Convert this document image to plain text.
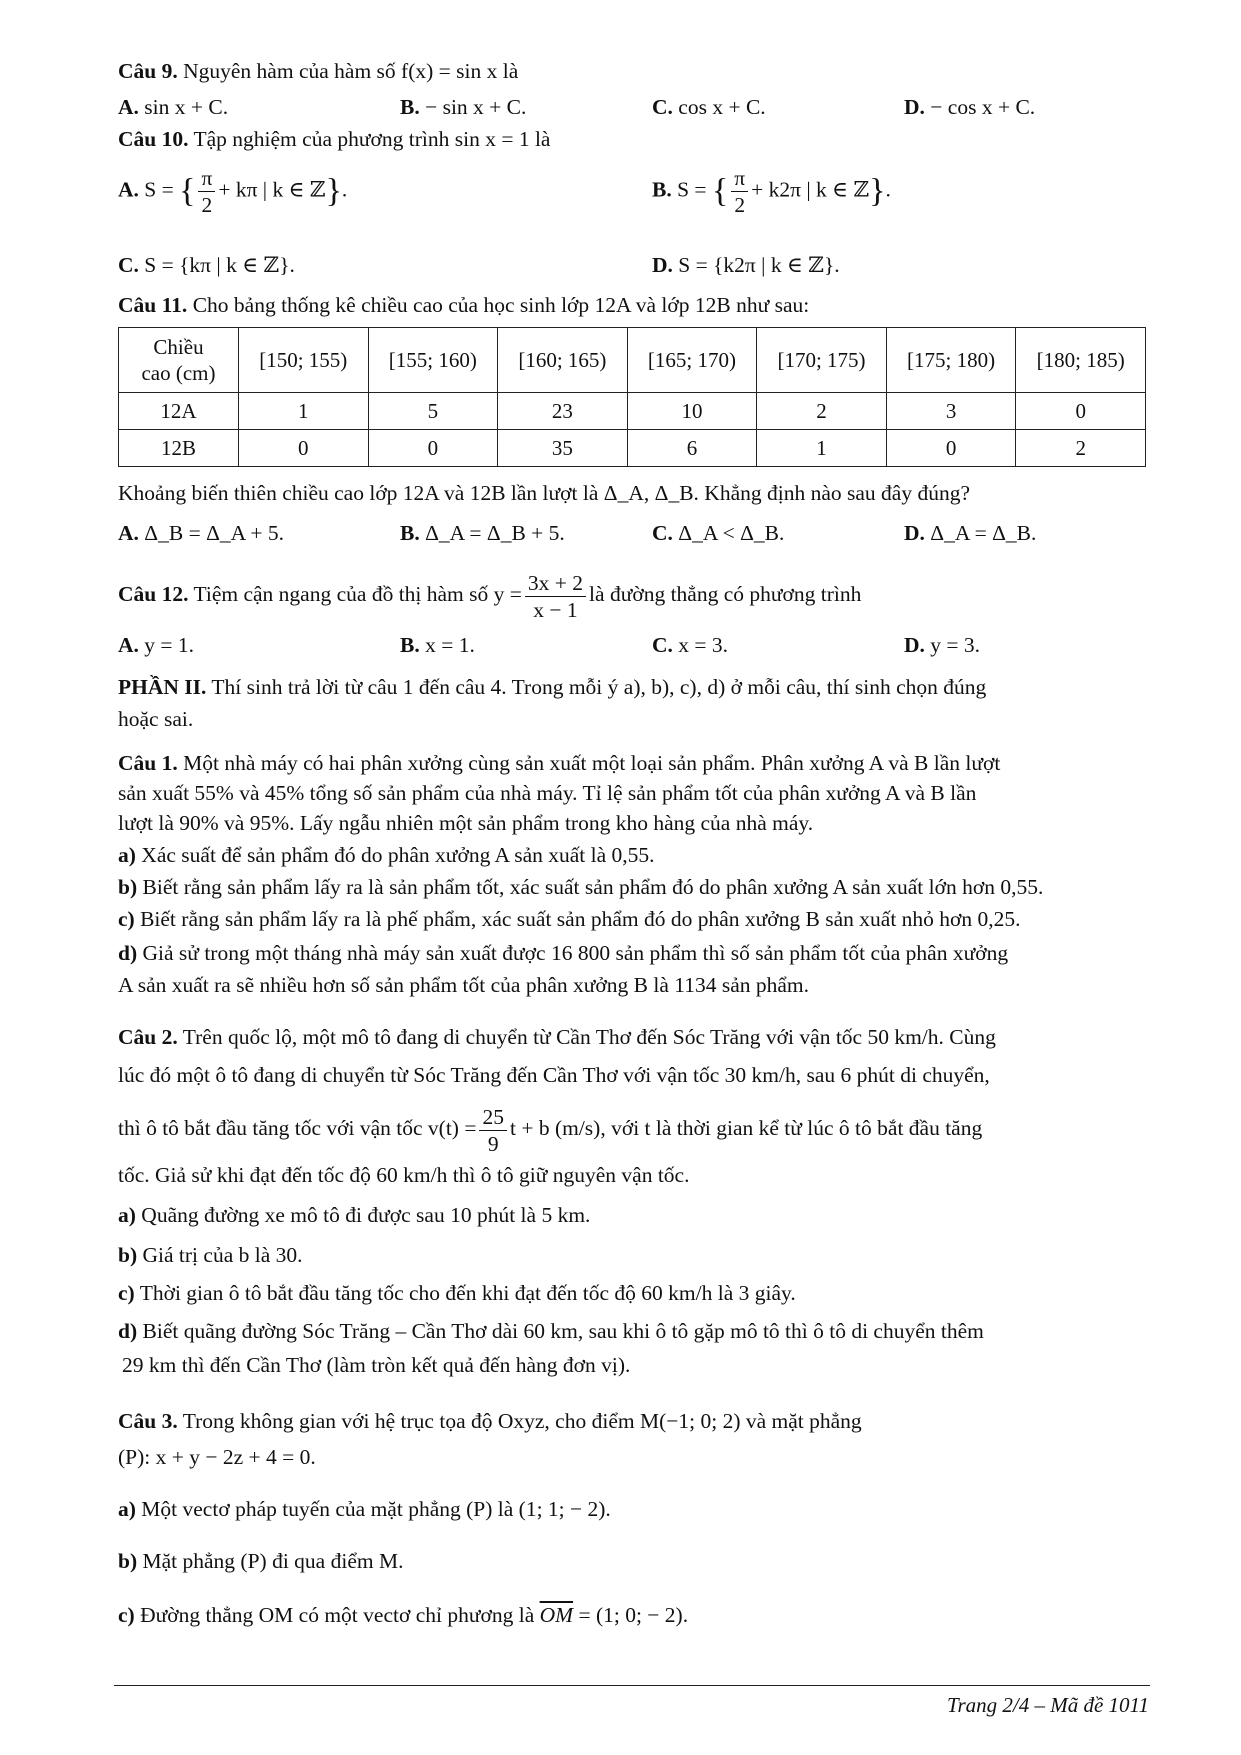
Câu 9. Nguyên hàm của hàm số f(x) = sin x là
A. sin x + C.	B. − sin x + C.	C. cos x + C.	D. − cos x + C.
Câu 10. Tập nghiệm của phương trình sin x = 1 là
A. S = { $\frac{\pi}{2} + k\pi$ | k ∈ ℤ}.	B. S = { $\frac{\pi}{2} + k2\pi$ | k ∈ ℤ}.
C. S = {kπ | k ∈ ℤ}.	D. S = {k2π | k ∈ ℤ}.
Câu 11. Cho bảng thống kê chiều cao của học sinh lớp 12A và lớp 12B như sau:
Chiều
cao (cm)	[150; 155)	[155; 160)	[160; 165)	[165; 170)	[170; 175)	[175; 180)	[180; 185)
12A	1	5	23	10	2	3	0
12B	0	0	35	6	1	0	2
Khoảng biến thiên chiều cao lớp 12A và 12B lần lượt là Δ_A, Δ_B. Khẳng định nào sau đây đúng?
A. Δ_B = Δ_A + 5.	B. Δ_A = Δ_B + 5.	C. Δ_A < Δ_B.	D. Δ_A = Δ_B.
Câu 12. Tiệm cận ngang của đồ thị hàm số $y = \frac{3x + 2}{x - 1}$ là đường thẳng có phương trình
A. y = 1.	B. x = 1.	C. x = 3.	D. y = 3.
PHẦN II. Thí sinh trả lời từ câu 1 đến câu 4. Trong mỗi ý a), b), c), d) ở mỗi câu, thí sinh chọn đúng
hoặc sai.
Câu 1. Một nhà máy có hai phân xưởng cùng sản xuất một loại sản phẩm. Phân xưởng A và B lần lượt
sản xuất 55% và 45% tổng số sản phẩm của nhà máy. Tỉ lệ sản phẩm tốt của phân xưởng A và B lần
lượt là 90% và 95%. Lấy ngẫu nhiên một sản phẩm trong kho hàng của nhà máy.
a) Xác suất để sản phẩm đó do phân xưởng A sản xuất là 0,55.
b) Biết rằng sản phẩm lấy ra là sản phẩm tốt, xác suất sản phẩm đó do phân xưởng A sản xuất lớn hơn 0,55.
c) Biết rằng sản phẩm lấy ra là phế phẩm, xác suất sản phẩm đó do phân xưởng B sản xuất nhỏ hơn 0,25.
d) Giả sử trong một tháng nhà máy sản xuất được 16 800 sản phẩm thì số sản phẩm tốt của phân xưởng
A sản xuất ra sẽ nhiều hơn số sản phẩm tốt của phân xưởng B là 1134 sản phẩm.
Câu 2. Trên quốc lộ, một mô tô đang di chuyển từ Cần Thơ đến Sóc Trăng với vận tốc 50 km/h. Cùng
lúc đó một ô tô đang di chuyển từ Sóc Trăng đến Cần Thơ với vận tốc 30 km/h, sau 6 phút di chuyển,
thì ô tô bắt đầu tăng tốc với vận tốc $v(t) = \frac{25}{9}$ t + b (m/s), với t là thời gian kể từ lúc ô tô bắt đầu tăng
tốc. Giả sử khi đạt đến tốc độ 60 km/h thì ô tô giữ nguyên vận tốc.
a) Quãng đường xe mô tô đi được sau 10 phút là 5 km.
b) Giá trị của b là 30.
c) Thời gian ô tô bắt đầu tăng tốc cho đến khi đạt đến tốc độ 60 km/h là 3 giây.
d) Biết quãng đường Sóc Trăng – Cần Thơ dài 60 km, sau khi ô tô gặp mô tô thì ô tô di chuyển thêm
29 km thì đến Cần Thơ (làm tròn kết quả đến hàng đơn vị).
Câu 3. Trong không gian với hệ trục tọa độ Oxyz, cho điểm M(−1; 0; 2) và mặt phẳng
(P): x + y − 2z + 4 = 0.
a) Một vectơ pháp tuyến của mặt phẳng (P) là (1; 1; − 2).
b) Mặt phẳng (P) đi qua điểm M.
c) Đường thẳng OM có một vectơ chỉ phương là $\overline{OM} = (1$; 0; − 2).
Trang 2/4 – Mã đề 1011
